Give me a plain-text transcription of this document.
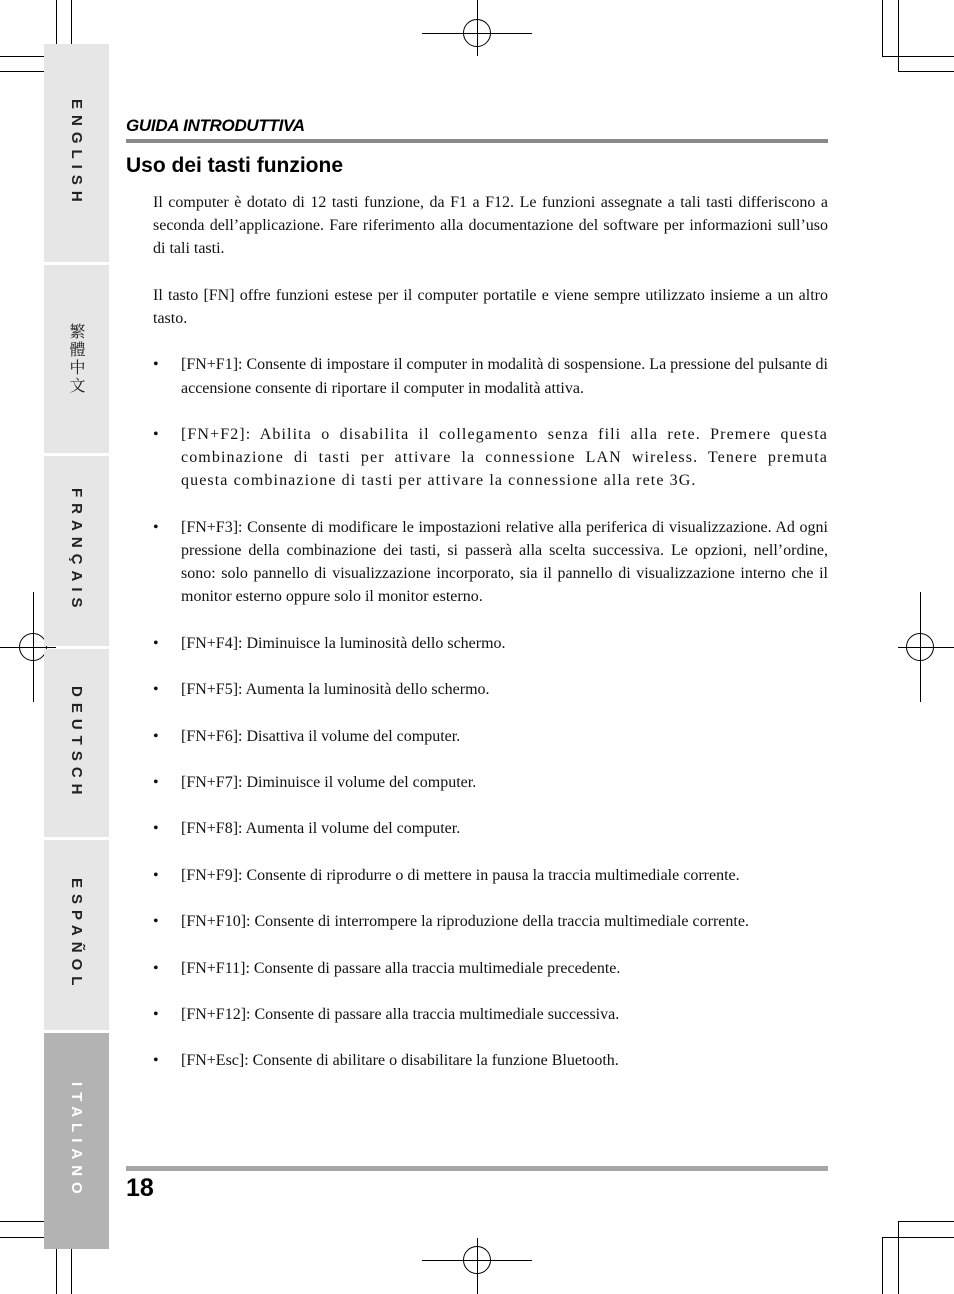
ENGLISH
繁體中文
FRANÇAIS
DEUTSCH
ESPAÑOL
ITALIANO
GUIDA INTRODUTTIVA
Uso dei tasti funzione

Il computer è dotato di 12 tasti funzione, da F1 a F12. Le funzioni assegnate a tali tasti differiscono a seconda dell’applicazione. Fare riferimento alla documentazione del software per informazioni sull’uso di tali tasti.

Il tasto [FN] offre funzioni estese per il computer portatile e viene sempre utilizzato insieme a un altro tasto.

• [FN+F1]: Consente di impostare il computer in modalità di sospensione. La pressione del pulsante di accensione consente di riportare il computer in modalità attiva.
• [FN+F2]: Abilita o disabilita il collegamento senza fili alla rete. Premere questa combinazione di tasti per attivare la connessione LAN wireless. Tenere premuta questa combinazione di tasti per attivare la connessione alla rete 3G.
• [FN+F3]: Consente di modificare le impostazioni relative alla periferica di visualizzazione. Ad ogni pressione della combinazione dei tasti, si passerà alla scelta successiva. Le opzioni, nell’ordine, sono: solo pannello di visualizzazione incorporato, sia il pannello di visualizzazione interno che il monitor esterno oppure solo il monitor esterno.
• [FN+F4]: Diminuisce la luminosità dello schermo.
• [FN+F5]: Aumenta la luminosità dello schermo.
• [FN+F6]: Disattiva il volume del computer.
• [FN+F7]: Diminuisce il volume del computer.
• [FN+F8]: Aumenta il volume del computer.
• [FN+F9]: Consente di riprodurre o di mettere in pausa la traccia multimediale corrente.
• [FN+F10]: Consente di interrompere la riproduzione della traccia multimediale corrente.
• [FN+F11]: Consente di passare alla traccia multimediale precedente.
• [FN+F12]: Consente di passare alla traccia multimediale successiva.
• [FN+Esc]: Consente di abilitare o disabilitare la funzione Bluetooth.
18
